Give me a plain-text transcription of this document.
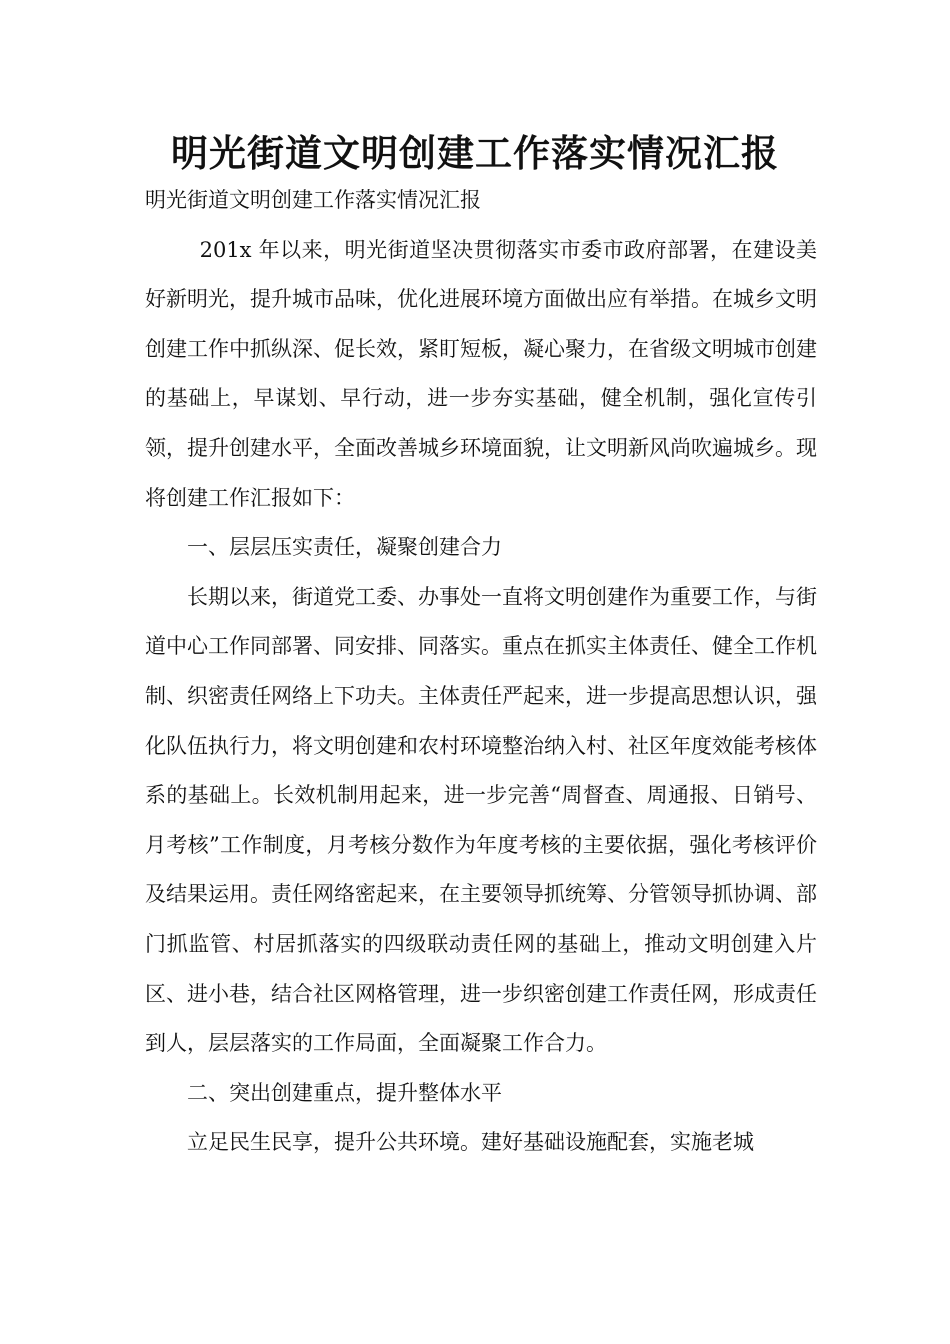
明光街道文明创建工作落实情况汇报

明光街道文明创建工作落实情况汇报

201x 年以来，明光街道坚决贯彻落实市委市政府部署，在建设美好新明光，提升城市品味，优化进展环境方面做出应有举措。在城乡文明创建工作中抓纵深、促长效，紧盯短板，凝心聚力，在省级文明城市创建的基础上，早谋划、早行动，进一步夯实基础，健全机制，强化宣传引领，提升创建水平，全面改善城乡环境面貌，让文明新风尚吹遍城乡。现将创建工作汇报如下：

一、层层压实责任，凝聚创建合力

长期以来，街道党工委、办事处一直将文明创建作为重要工作，与街道中心工作同部署、同安排、同落实。重点在抓实主体责任、健全工作机制、织密责任网络上下功夫。主体责任严起来，进一步提高思想认识，强化队伍执行力，将文明创建和农村环境整治纳入村、社区年度效能考核体系的基础上。长效机制用起来，进一步完善“周督查、周通报、日销号、月考核”工作制度，月考核分数作为年度考核的主要依据，强化考核评价及结果运用。责任网络密起来，在主要领导抓统筹、分管领导抓协调、部门抓监管、村居抓落实的四级联动责任网的基础上，推动文明创建入片区、进小巷，结合社区网格管理，进一步织密创建工作责任网，形成责任到人，层层落实的工作局面，全面凝聚工作合力。

二、突出创建重点，提升整体水平

立足民生民享，提升公共环境。建好基础设施配套，实施老城
